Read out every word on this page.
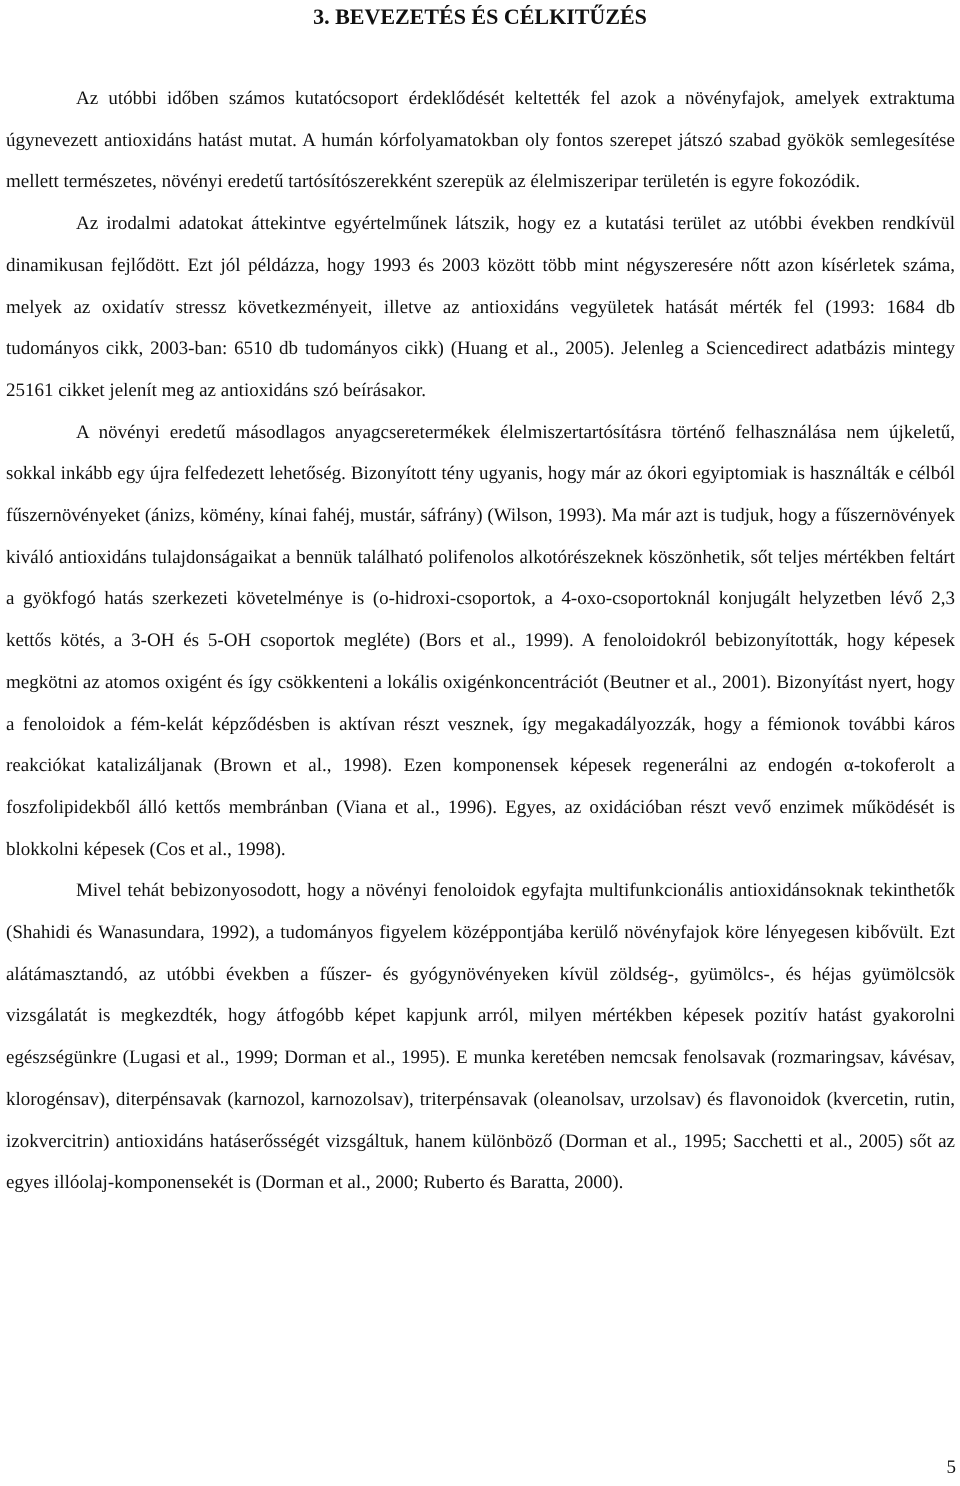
3. BEVEZETÉS ÉS CÉLKITŰZÉS

Az utóbbi időben számos kutatócsoport érdeklődését keltették fel azok a növényfajok, amelyek extraktuma úgynevezett antioxidáns hatást mutat. A humán kórfolyamatokban oly fontos szerepet játszó szabad gyökök semlegesítése mellett természetes, növényi eredetű tartósítószerekként szerepük az élelmiszeripar területén is egyre fokozódik.

Az irodalmi adatokat áttekintve egyértelműnek látszik, hogy ez a kutatási terület az utóbbi években rendkívül dinamikusan fejlődött. Ezt jól példázza, hogy 1993 és 2003 között több mint négyszeresére nőtt azon kísérletek száma, melyek az oxidatív stressz következményeit, illetve az antioxidáns vegyületek hatását mérték fel (1993: 1684 db tudományos cikk, 2003-ban: 6510 db tudományos cikk) (Huang et al., 2005). Jelenleg a Sciencedirect adatbázis mintegy 25161 cikket jelenít meg az antioxidáns szó beírásakor.

A növényi eredetű másodlagos anyagcseretermékek élelmiszertartósításra történő felhasználása nem újkeletű, sokkal inkább egy újra felfedezett lehetőség. Bizonyított tény ugyanis, hogy már az ókori egyiptomiak is használták e célból fűszernövényeket (ánizs, kömény, kínai fahéj, mustár, sáfrány) (Wilson, 1993). Ma már azt is tudjuk, hogy a fűszernövények kiváló antioxidáns tulajdonságaikat a bennük található polifenolos alkotórészeknek köszönhetik, sőt teljes mértékben feltárt a gyökfogó hatás szerkezeti követelménye is (o-hidroxi-csoportok, a 4-oxo-csoportoknál konjugált helyzetben lévő 2,3 kettős kötés, a 3-OH és 5-OH csoportok megléte) (Bors et al., 1999). A fenoloidokról bebizonyították, hogy képesek megkötni az atomos oxigént és így csökkenteni a lokális oxigénkoncentrációt (Beutner et al., 2001). Bizonyítást nyert, hogy a fenoloidok a fém-kelát képződésben is aktívan részt vesznek, így megakadályozzák, hogy a fémionok további káros reakciókat katalizáljanak (Brown et al., 1998). Ezen komponensek képesek regenerálni az endogén α-tokoferolt a foszfolipidekből álló kettős membránban (Viana et al., 1996). Egyes, az oxidációban részt vevő enzimek működését is blokkolni képesek (Cos et al., 1998).

Mivel tehát bebizonyosodott, hogy a növényi fenoloidok egyfajta multifunkcionális antioxidánsoknak tekinthetők (Shahidi és Wanasundara, 1992), a tudományos figyelem középpontjába kerülő növényfajok köre lényegesen kibővült. Ezt alátámasztandó, az utóbbi években a fűszer- és gyógynövényeken kívül zöldség-, gyümölcs-, és héjas gyümölcsök vizsgálatát is megkezdték, hogy átfogóbb képet kapjunk arról, milyen mértékben képesek pozitív hatást gyakorolni egészségünkre (Lugasi et al., 1999; Dorman et al., 1995). E munka keretében nemcsak fenolsavak (rozmaringsav, kávésav, klorogénsav), diterpénsavak (karnozol, karnozolsav), triterpénsavak (oleanolsav, urzolsav) és flavonoidok (kvercetin, rutin, izokvercitrin) antioxidáns hatáserősségét vizsgáltuk, hanem különböző (Dorman et al., 1995; Sacchetti et al., 2005) sőt az egyes illóolaj-komponensekét is (Dorman et al., 2000; Ruberto és Baratta, 2000).

5
